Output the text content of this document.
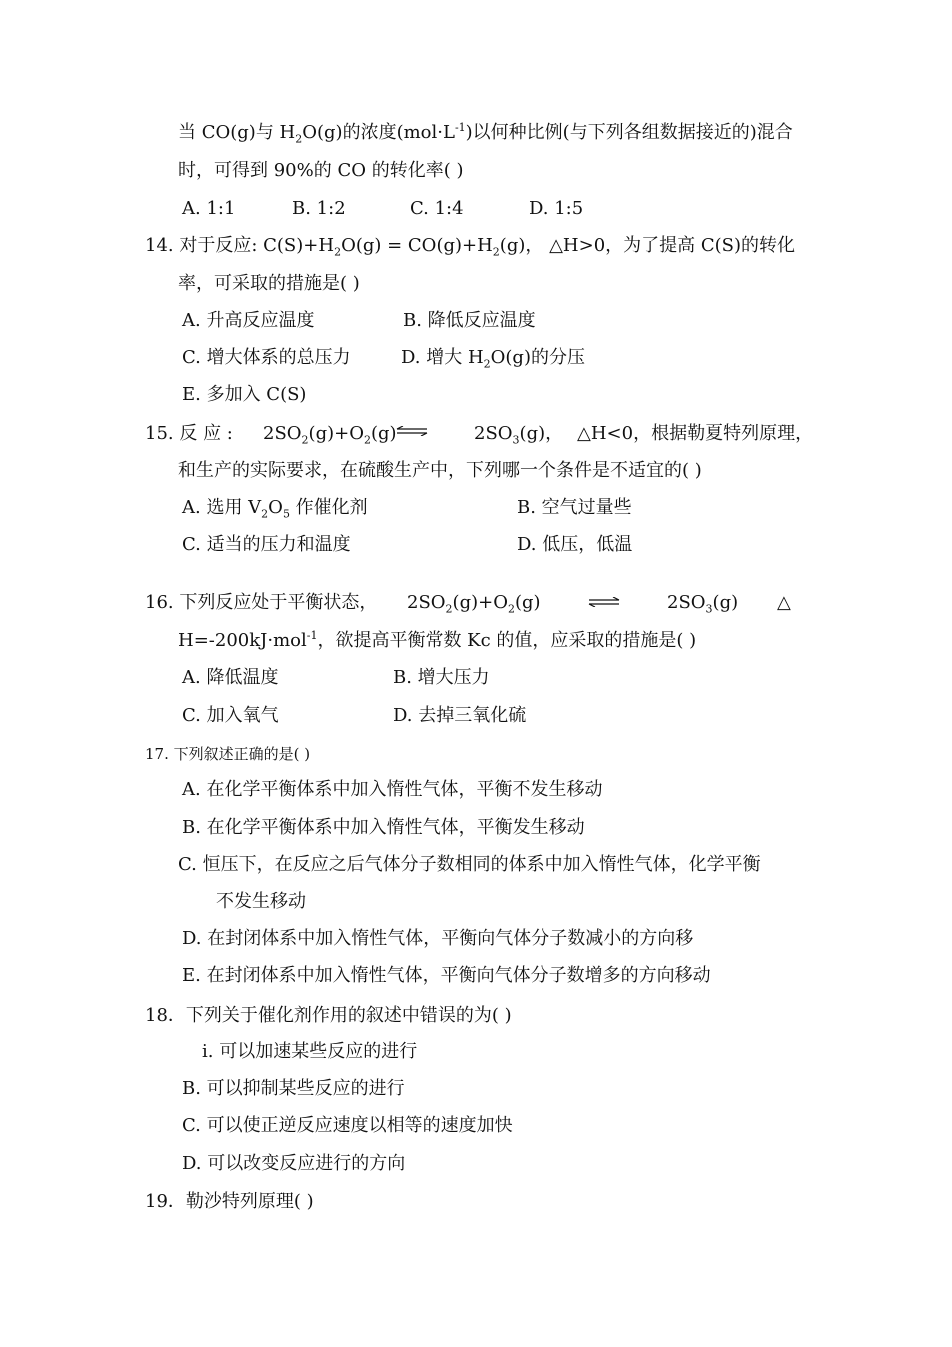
当 CO(g)与 $H_2O(g)$的浓度$(mol\cdot L^{-1})$以何种比例(与下列各组数据接近的)混合
时，可得到 90%的 CO 的转化率( )
A. 1:1	B. 1:2	C. 1:4	D. 1:5
14. 对于反应: $C(S)+H_2O(g) = CO(g)+H_2(g)$， △H>0，为了提高 C(S)的转化
率，可采取的措施是( )
A. 升高反应温度	B. 降低反应温度
C. 增大体系的总压力	D. 增大 $H_2O(g)$的分压
E. 多加入 C(S)
15. 反 应 : $2SO_2(g)+O_2(g)$	$2SO_3(g)$， △H<0，根据勒夏特列原理，
和生产的实际要求，在硫酸生产中，下列哪一个条件是不适宜的( )
A. 选用 $V_2O_5$ 作催化剂	B. 空气过量些
C. 适当的压力和温度	D. 低压，低温
16. 下列反应处于平衡状态， $2SO_2(g)+O_2(g)$	$2SO_3(g)$ △
H=-200kJ·mol$^{-1}$，欲提高平衡常数 Kc 的值，应采取的措施是( )
A. 降低温度	B. 增大压力
C. 加入氧气	D. 去掉三氧化硫
17. 下列叙述正确的是( )
A. 在化学平衡体系中加入惰性气体，平衡不发生移动
B. 在化学平衡体系中加入惰性气体，平衡发生移动
C. 恒压下，在反应之后气体分子数相同的体系中加入惰性气体，化学平衡
不发生移动
D. 在封闭体系中加入惰性气体，平衡向气体分子数减小的方向移
E. 在封闭体系中加入惰性气体，平衡向气体分子数增多的方向移动
18．下列关于催化剂作用的叙述中错误的为( )
i. 可以加速某些反应的进行
B. 可以抑制某些反应的进行
C. 可以使正逆反应速度以相等的速度加快
D. 可以改变反应进行的方向
19．勒沙特列原理( )
